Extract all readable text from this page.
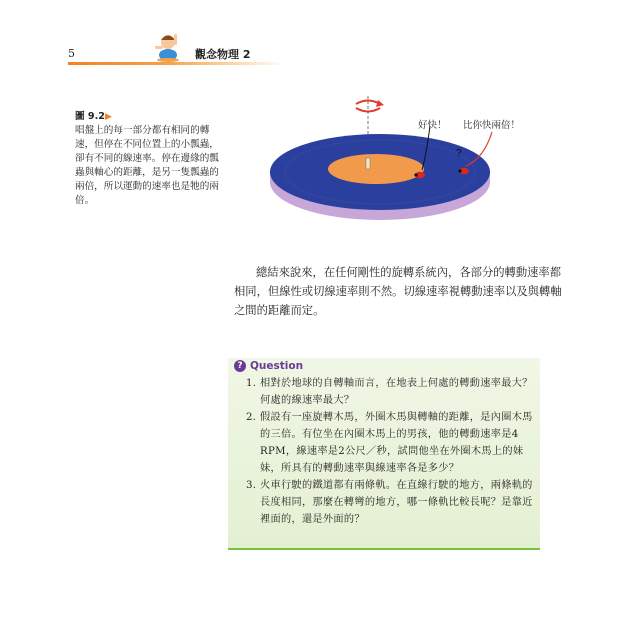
5	觀念物理 2
圖 9.2▶
唱盤上的每一部分都有相同的轉速，但停在不同位置上的小瓢蟲，卻有不同的線速率。停在邊緣的瓢蟲與軸心的距離，是另一隻瓢蟲的兩倍，所以運動的速率也是牠的兩倍。
?
好快！ 比你快兩倍！
總結來說來，在任何剛性的旋轉系統內，各部分的轉動速率都相同，但線性或切線速率則不然。切線速率視轉動速率以及與轉軸之間的距離而定。
? Question
1. 相對於地球的自轉軸而言，在地表上何處的轉動速率最大？何處的線速率最大？
2. 假設有一座旋轉木馬，外圈木馬與轉軸的距離，是內圈木馬的三倍。有位坐在內圈木馬上的男孩，他的轉動速率是4 RPM，線速率是2公尺／秒，試問他坐在外圈木馬上的妹妹，所具有的轉動速率與線速率各是多少？
3. 火車行駛的鐵道都有兩條軌。在直線行駛的地方，兩條軌的長度相同，那麼在轉彎的地方，哪一條軌比較長呢？是靠近裡面的，還是外面的？
